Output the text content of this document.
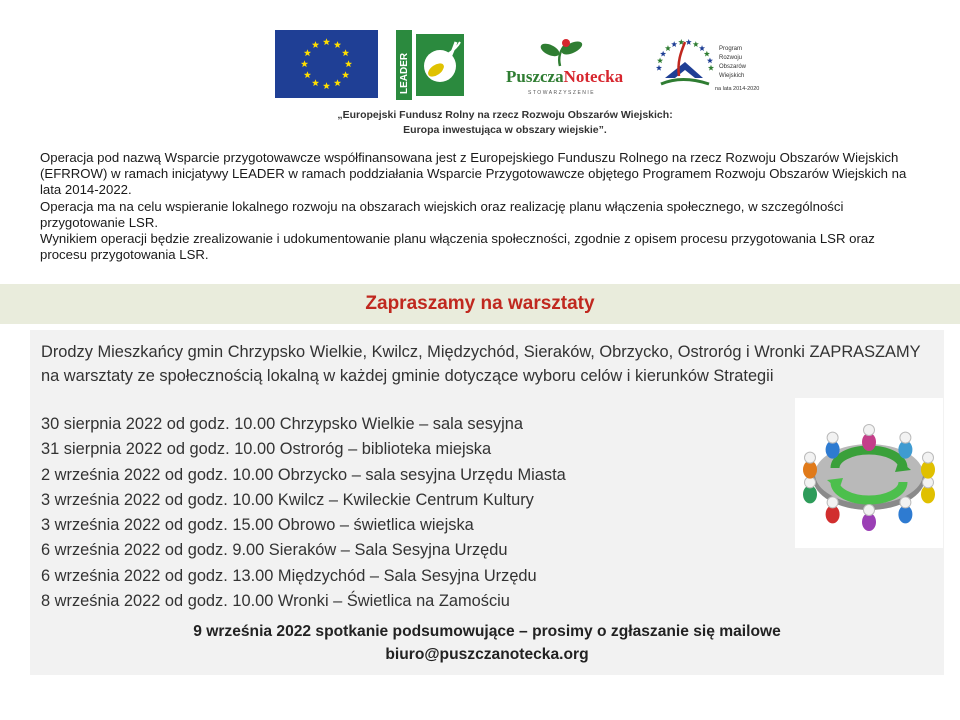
LEADER	PuszczaNotecka
STOWARZYSZENIE
Program Rozwoju Obszarów Wiejskich na lata 2014-2020
„Europejski Fundusz Rolny na rzecz Rozwoju Obszarów Wiejskich:
Europa inwestująca w obszary wiejskie”.

Operacja pod nazwą Wsparcie przygotowawcze współfinansowana jest z Europejskiego Funduszu Rolnego na rzecz Rozwoju Obszarów Wiejskich (EFRROW) w ramach inicjatywy LEADER w ramach poddziałania Wsparcie Przygotowawcze objętego Programem Rozwoju Obszarów Wiejskich na lata 2014-2022.

Operacja ma na celu wspieranie lokalnego rozwoju na obszarach wiejskich oraz realizację planu włączenia społecznego, w szczególności przygotowanie LSR.

Wynikiem operacji będzie zrealizowanie i udokumentowanie planu włączenia społeczności, zgodnie z opisem procesu przygotowania LSR oraz procesu przygotowania LSR.

Zapraszamy na warsztaty
Drodzy Mieszkańcy gmin Chrzypsko Wielkie, Kwilcz, Międzychód, Sieraków, Obrzycko, Ostroróg i Wronki ZAPRASZAMY na warsztaty ze społecznością lokalną w każdej gminie dotyczące wyboru celów i kierunków Strategii
30 sierpnia 2022 od godz. 10.00 Chrzypsko Wielkie – sala sesyjna
31 sierpnia 2022 od godz. 10.00 Ostroróg – biblioteka miejska
2 września 2022 od godz. 10.00 Obrzycko – sala sesyjna Urzędu Miasta
3 września 2022 od godz. 10.00 Kwilcz – Kwileckie Centrum Kultury
3 września 2022 od godz. 15.00 Obrowo – świetlica wiejska
6 września 2022 od godz. 9.00 Sieraków – Sala Sesyjna Urzędu
6 września 2022 od godz. 13.00 Międzychód – Sala Sesyjna Urzędu
8 września 2022 od godz. 10.00 Wronki – Świetlica na Zamościu
9 września 2022 spotkanie podsumowujące – prosimy o zgłaszanie się mailowe
biuro@puszczanotecka.org
